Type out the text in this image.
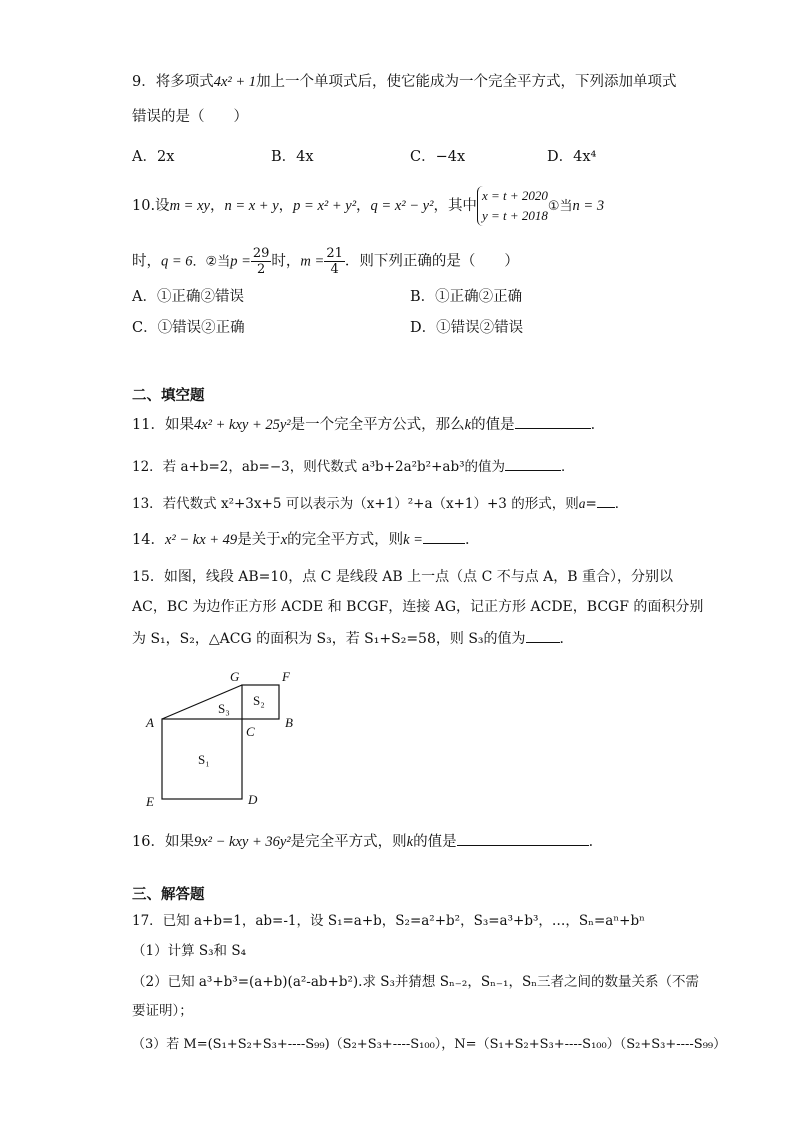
9．将多项式4x² + 1加上一个单项式后，使它能成为一个完全平方式，下列添加单项式
错误的是（　　）
A．2x	B．4x	C．−4x	D．4x⁴
10.设m = xy，n = x + y，p = x² + y²，q = x² − y²，其中
x = t + 2020
y = t + 2018
①当n = 3
时，q = 6．②当$p = \frac{29}{2}$ 时，$m = \frac{21}{4}$ ．则下列正确的是（　　）
A．①正确②错误	B．①正确②正确
C．①错误②正确	D．①错误②错误
二、填空题
11．如果4x² + kxy + 25y²是一个完全平方公式，那么k的值是	．
12．若 a+b=2，ab=−3，则代数式 a³b+2a²b²+ab³的值为	．
13．若代数式 x²+3x+5 可以表示为（x+1）²+a（x+1）+3 的形式，则a= ．
14．x² − kx + 49是关于x的完全平方式，则k =	．
15．如图，线段 AB=10，点 C 是线段 AB 上一点（点 C 不与点 A，B 重合），分别以
AC，BC 为边作正方形 ACDE 和 BCGF，连接 AG，记正方形 ACDE，BCGF 的面积分别
为 S₁，S₂，△ACG 的面积为 S₃，若 S₁+S₂=58，则 S₃的值为 ．
G	F
A	B
C
E	D
S₁
S₂
S₃
16．如果9x² − kxy + 36y²是完全平方式，则k的值是	．
三、解答题
17．已知 a+b=1，ab=-1，设 S₁=a+b，S₂=a²+b²，S₃=a³+b³，…，Sₙ=aⁿ+bⁿ
（1）计算 S₃和 S₄
（2）已知 a³+b³=(a+b)(a²-ab+b²).求 S₃并猜想 Sₙ₋₂，Sₙ₋₁，Sₙ三者之间的数量关系（不需
要证明）；
（3）若 M=(S₁+S₂+S₃+----S₉₉)（S₂+S₃+----S₁₀₀），N=（S₁+S₂+S₃+----S₁₀₀）（S₂+S₃+----S₉₉）
